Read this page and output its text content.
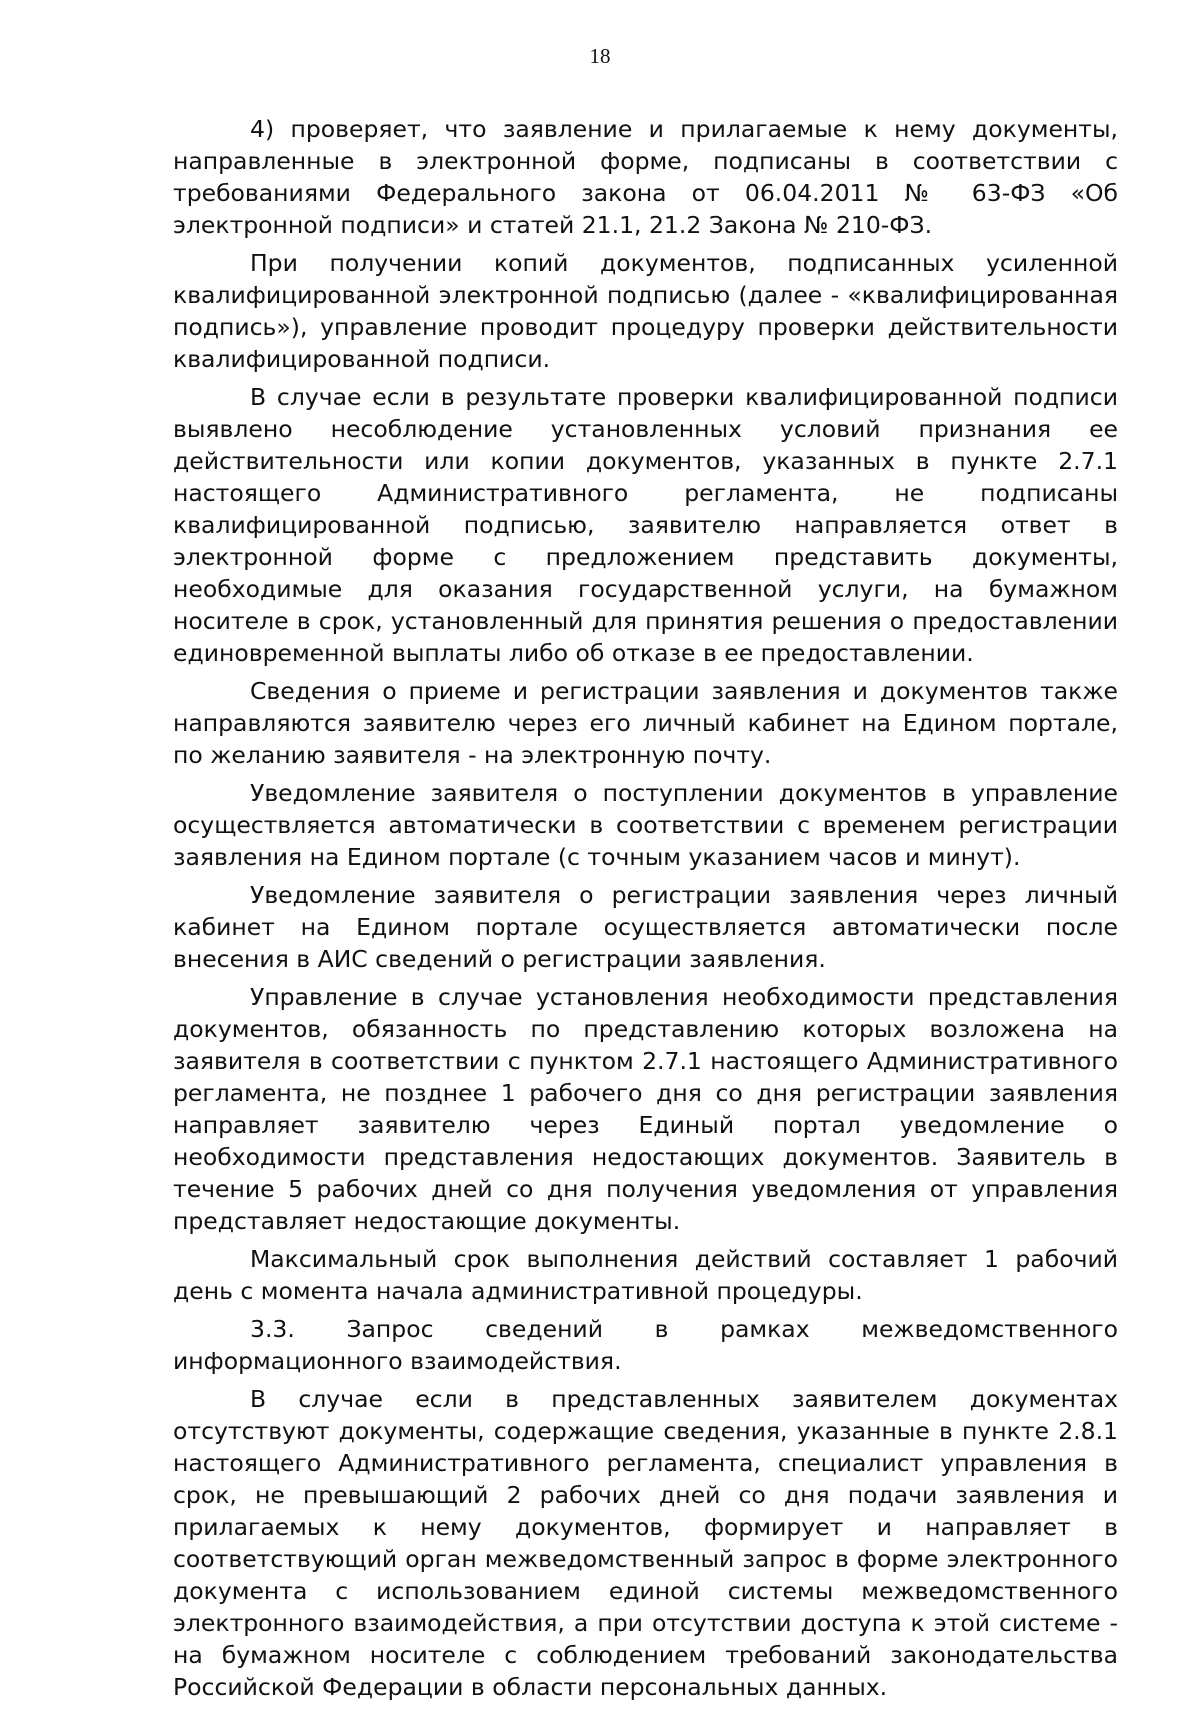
18

4) проверяет, что заявление и прилагаемые к нему документы, направленные в электронной форме, подписаны в соответствии с требованиями Федерального закона от 06.04.2011 № 63-ФЗ «Об электронной подписи» и статей 21.1, 21.2 Закона № 210-ФЗ.

При получении копий документов, подписанных усиленной квалифицированной электронной подписью (далее - «квалифицированная подпись»), управление проводит процедуру проверки действительности квалифицированной подписи.

В случае если в результате проверки квалифицированной подписи выявлено несоблюдение установленных условий признания ее действительности или копии документов, указанных в пункте 2.7.1 настоящего Административного регламента, не подписаны квалифицированной подписью, заявителю направляется ответ в электронной форме с предложением представить документы, необходимые для оказания государственной услуги, на бумажном носителе в срок, установленный для принятия решения о предоставлении единовременной выплаты либо об отказе в ее предоставлении.

Сведения о приеме и регистрации заявления и документов также направляются заявителю через его личный кабинет на Едином портале, по желанию заявителя - на электронную почту.

Уведомление заявителя о поступлении документов в управление осуществляется автоматически в соответствии с временем регистрации заявления на Едином портале (с точным указанием часов и минут).

Уведомление заявителя о регистрации заявления через личный кабинет на Едином портале осуществляется автоматически после внесения в АИС сведений о регистрации заявления.

Управление в случае установления необходимости представления документов, обязанность по представлению которых возложена на заявителя в соответствии с пунктом 2.7.1 настоящего Административного регламента, не позднее 1 рабочего дня со дня регистрации заявления направляет заявителю через Единый портал уведомление о необходимости представления недостающих документов. Заявитель в течение 5 рабочих дней со дня получения уведомления от управления представляет недостающие документы.

Максимальный срок выполнения действий составляет 1 рабочий день с момента начала административной процедуры.

3.3. Запрос сведений в рамках межведомственного информационного взаимодействия.

В случае если в представленных заявителем документах отсутствуют документы, содержащие сведения, указанные в пункте 2.8.1 настоящего Административного регламента, специалист управления в срок, не превышающий 2 рабочих дней со дня подачи заявления и прилагаемых к нему документов, формирует и направляет в соответствующий орган межведомственный запрос в форме электронного документа с использованием единой системы межведомственного электронного взаимодействия, а при отсутствии доступа к этой системе - на бумажном носителе с соблюдением требований законодательства Российской Федерации в области персональных данных.
